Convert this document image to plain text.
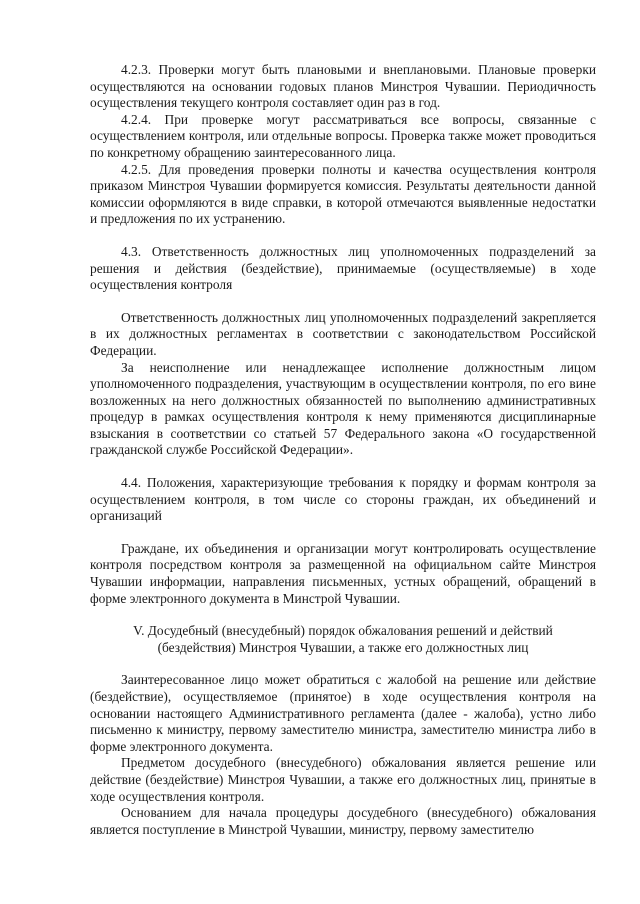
4.2.3. Проверки могут быть плановыми и внеплановыми. Плановые проверки осуществляются на основании годовых планов Минстроя Чувашии. Периодичность осуществления текущего контроля составляет один раз в год.

4.2.4. При проверке могут рассматриваться все вопросы, связанные с осуществлением контроля, или отдельные вопросы. Проверка также может проводиться по конкретному обращению заинтересованного лица.

4.2.5. Для проведения проверки полноты и качества осуществления контроля приказом Минстроя Чувашии формируется комиссия. Результаты деятельности данной комиссии оформляются в виде справки, в которой отмечаются выявленные недостатки и предложения по их устранению.

4.3. Ответственность должностных лиц уполномоченных подразделений за решения и действия (бездействие), принимаемые (осуществляемые) в ходе осуществления контроля

Ответственность должностных лиц уполномоченных подразделений закрепляется в их должностных регламентах в соответствии с законодательством Российской Федерации.

За неисполнение или ненадлежащее исполнение должностным лицом уполномоченного подразделения, участвующим в осуществлении контроля, по его вине возложенных на него должностных обязанностей по выполнению административных процедур в рамках осуществления контроля к нему применяются дисциплинарные взыскания в соответствии со статьей 57 Федерального закона «О государственной гражданской службе Российской Федерации».

4.4. Положения, характеризующие требования к порядку и формам контроля за осуществлением контроля, в том числе со стороны граждан, их объединений и организаций

Граждане, их объединения и организации могут контролировать осуществление контроля посредством контроля за размещенной на официальном сайте Минстроя Чувашии информации, направления письменных, устных обращений, обращений в форме электронного документа в Минстрой Чувашии.

V. Досудебный (внесудебный) порядок обжалования решений и действий

(бездействия) Минстроя Чувашии, а также его должностных лиц

Заинтересованное лицо может обратиться с жалобой на решение или действие (бездействие), осуществляемое (принятое) в ходе осуществления контроля на основании настоящего Административного регламента (далее - жалоба), устно либо письменно к министру, первому заместителю министра, заместителю министра либо в форме электронного документа.

Предметом досудебного (внесудебного) обжалования является решение или действие (бездействие) Минстроя Чувашии, а также его должностных лиц, принятые в ходе осуществления контроля.

Основанием для начала процедуры досудебного (внесудебного) обжалования является поступление в Минстрой Чувашии, министру, первому заместителю
